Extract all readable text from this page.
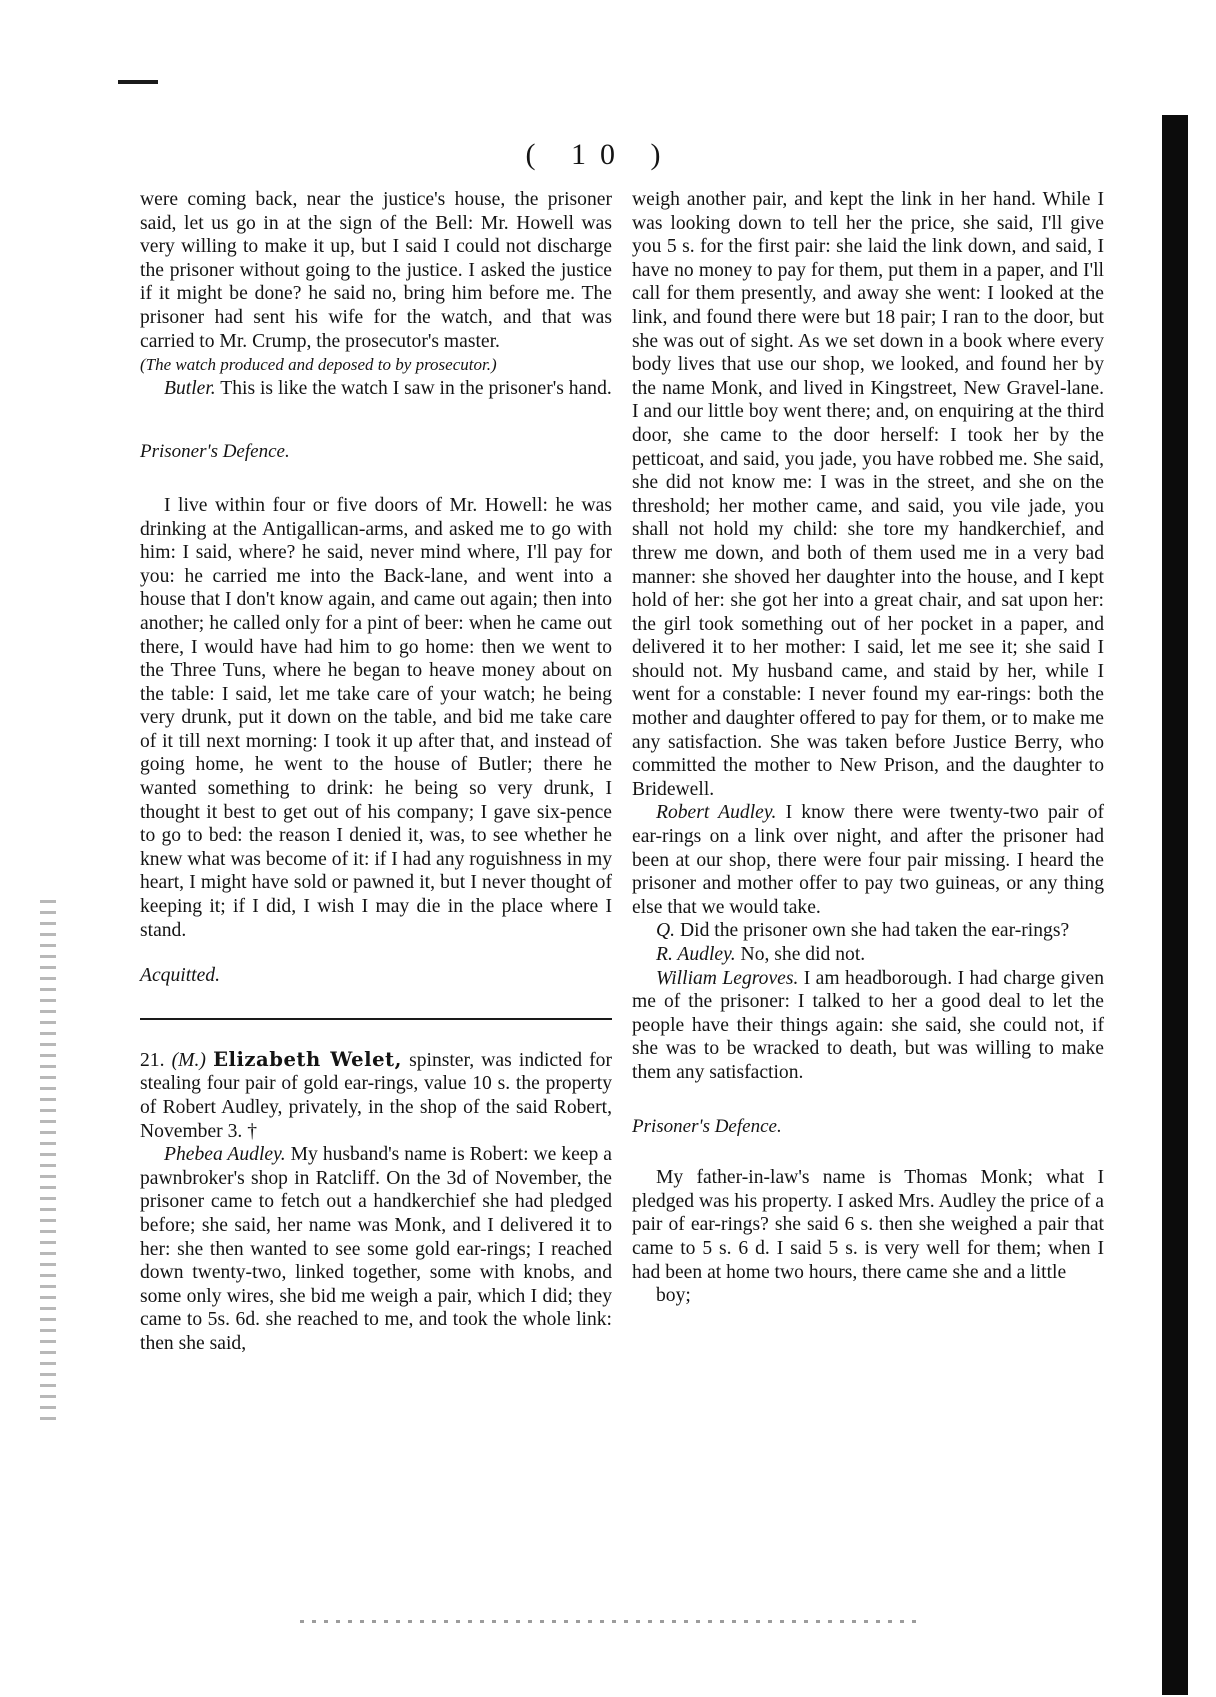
( 10 )

were coming back, near the justice's house, the prisoner said, let us go in at the sign of the Bell: Mr. Howell was very willing to make it up, but I said I could not discharge the prisoner without going to the justice. I asked the justice if it might be done? he said no, bring him before me. The prisoner had sent his wife for the watch, and that was carried to Mr. Crump, the prosecutor's master.

(The watch produced and deposed to by prosecutor.)

Butler. This is like the watch I saw in the prisoner's hand.

Prisoner's Defence.

I live within four or five doors of Mr. Howell: he was drinking at the Antigallican-arms, and asked me to go with him: I said, where? he said, never mind where, I'll pay for you: he carried me into the Back-lane, and went into a house that I don't know again, and came out again; then into another; he called only for a pint of beer: when he came out there, I would have had him to go home: then we went to the Three Tuns, where he began to heave money about on the table: I said, let me take care of your watch; he being very drunk, put it down on the table, and bid me take care of it till next morning: I took it up after that, and instead of going home, he went to the house of Butler; there he wanted something to drink: he being so very drunk, I thought it best to get out of his company; I gave six-pence to go to bed: the reason I denied it, was, to see whether he knew what was become of it: if I had any roguishness in my heart, I might have sold or pawned it, but I never thought of keeping it; if I did, I wish I may die in the place where I stand.

Acquitted.

21. (M.) Elizabeth Welet, spinster, was indicted for stealing four pair of gold ear-rings, value 10 s. the property of Robert Audley, privately, in the shop of the said Robert, November 3. †

Phebea Audley. My husband's name is Robert: we keep a pawnbroker's shop in Ratcliff. On the 3d of November, the prisoner came to fetch out a handkerchief she had pledged before; she said, her name was Monk, and I delivered it to her: she then wanted to see some gold ear-rings; I reached down twenty-two, linked together, some with knobs, and some only wires, she bid me weigh a pair, which I did; they came to 5s. 6d. she reached to me, and took the whole link: then she said,

weigh another pair, and kept the link in her hand. While I was looking down to tell her the price, she said, I'll give you 5 s. for the first pair: she laid the link down, and said, I have no money to pay for them, put them in a paper, and I'll call for them presently, and away she went: I looked at the link, and found there were but 18 pair; I ran to the door, but she was out of sight. As we set down in a book where every body lives that use our shop, we looked, and found her by the name Monk, and lived in Kingstreet, New Gravel-lane. I and our little boy went there; and, on enquiring at the third door, she came to the door herself: I took her by the petticoat, and said, you jade, you have robbed me. She said, she did not know me: I was in the street, and she on the threshold; her mother came, and said, you vile jade, you shall not hold my child: she tore my handkerchief, and threw me down, and both of them used me in a very bad manner: she shoved her daughter into the house, and I kept hold of her: she got her into a great chair, and sat upon her: the girl took something out of her pocket in a paper, and delivered it to her mother: I said, let me see it; she said I should not. My husband came, and staid by her, while I went for a constable: I never found my ear-rings: both the mother and daughter offered to pay for them, or to make me any satisfaction. She was taken before Justice Berry, who committed the mother to New Prison, and the daughter to Bridewell.

Robert Audley. I know there were twenty-two pair of ear-rings on a link over night, and after the prisoner had been at our shop, there were four pair missing. I heard the prisoner and mother offer to pay two guineas, or any thing else that we would take.

Q. Did the prisoner own she had taken the ear-rings?

R. Audley. No, she did not.

William Legroves. I am headborough. I had charge given me of the prisoner: I talked to her a good deal to let the people have their things again: she said, she could not, if she was to be wracked to death, but was willing to make them any satisfaction.

Prisoner's Defence.

My father-in-law's name is Thomas Monk; what I pledged was his property. I asked Mrs. Audley the price of a pair of ear-rings? she said 6 s. then she weighed a pair that came to 5 s. 6 d. I said 5 s. is very well for them; when I had been at home two hours, there came she and a little

boy;
